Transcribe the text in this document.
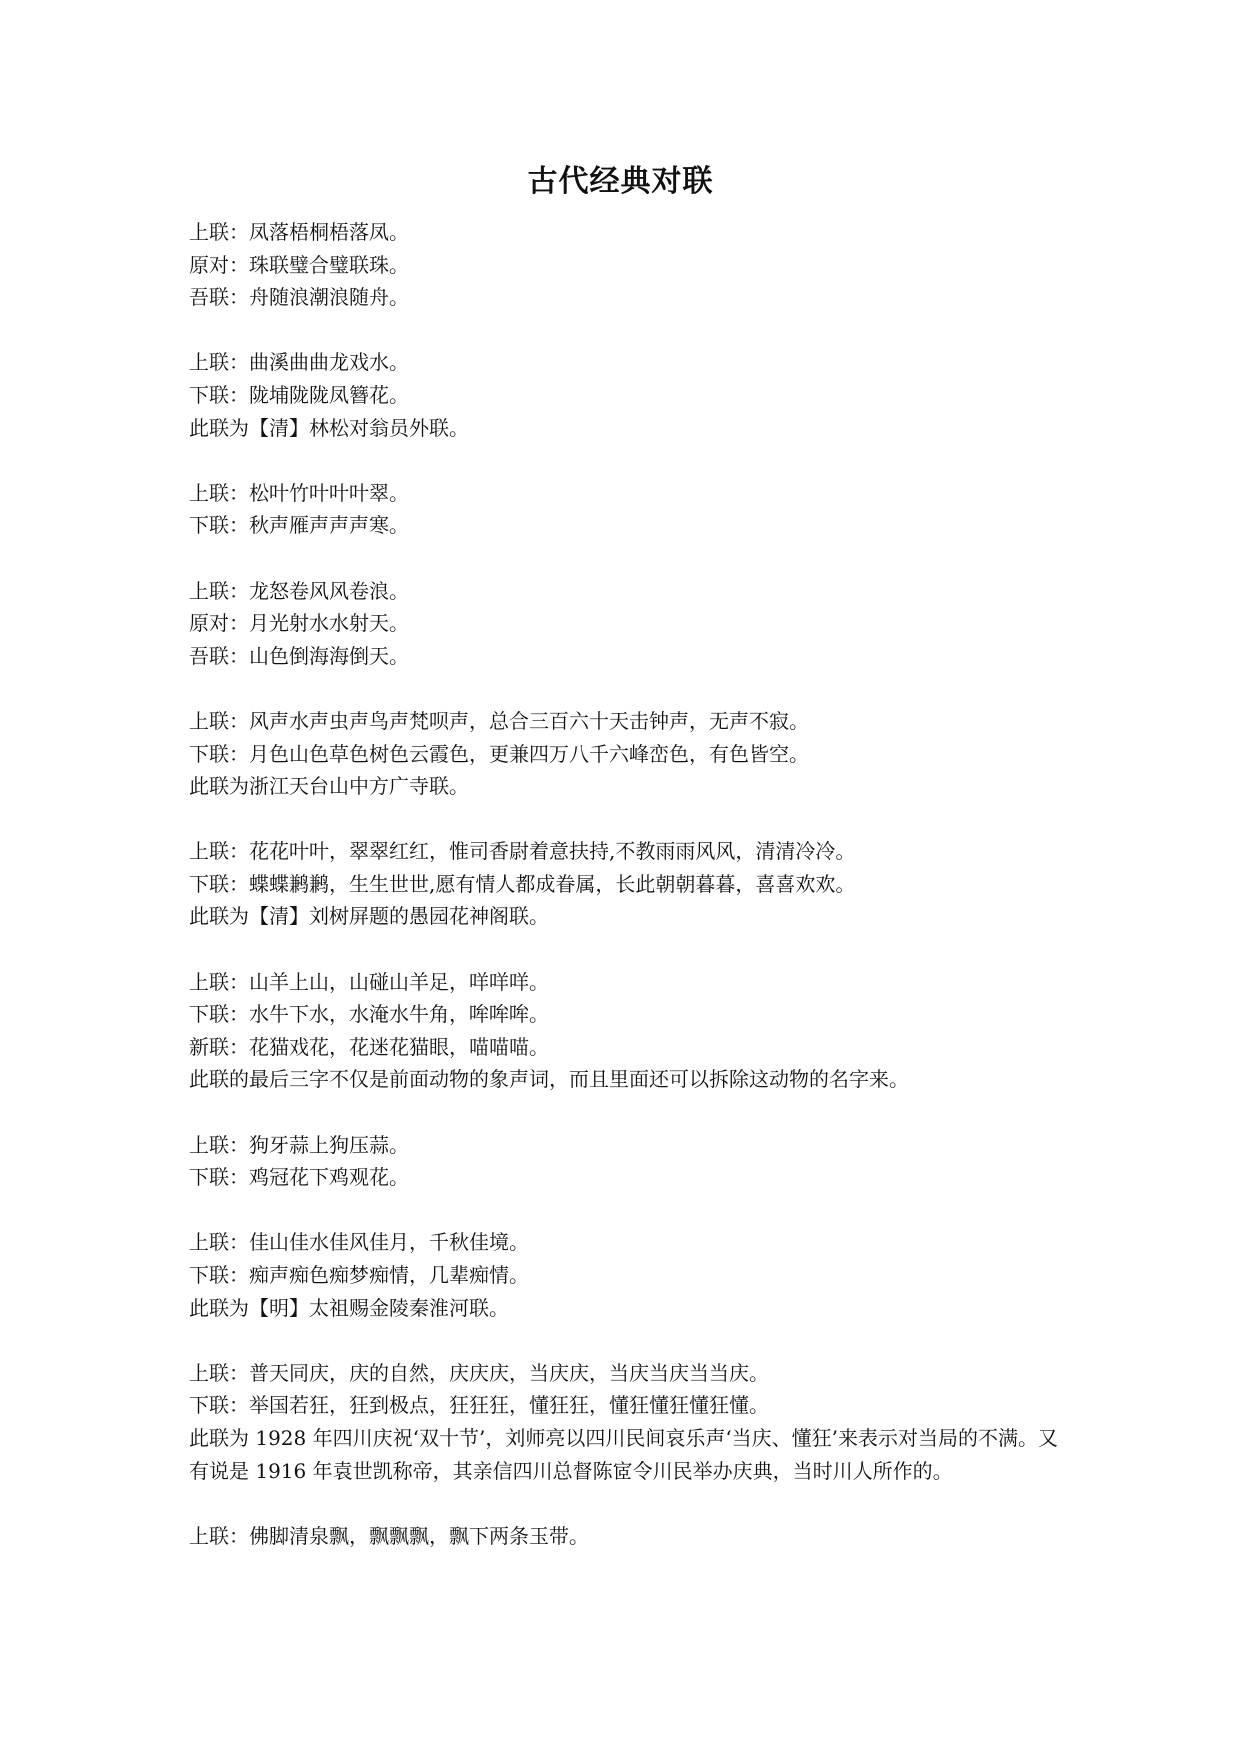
古代经典对联
上联：凤落梧桐梧落凤。
原对：珠联璧合璧联珠。
吾联：舟随浪潮浪随舟。
上联：曲溪曲曲龙戏水。
下联：陇埔陇陇凤簪花。
此联为【清】林松对翁员外联。
上联：松叶竹叶叶叶翠。
下联：秋声雁声声声寒。
上联：龙怒卷风风卷浪。
原对：月光射水水射天。
吾联：山色倒海海倒天。
上联：风声水声虫声鸟声梵呗声，总合三百六十天击钟声，无声不寂。
下联：月色山色草色树色云霞色，更兼四万八千六峰峦色，有色皆空。
此联为浙江天台山中方广寺联。
上联：花花叶叶，翠翠红红，惟司香尉着意扶持,不教雨雨风风，清清冷冷。
下联：蝶蝶鹣鹣，生生世世,愿有情人都成眷属，长此朝朝暮暮，喜喜欢欢。
此联为【清】刘树屏题的愚园花神阁联。
上联：山羊上山，山碰山羊足，咩咩咩。
下联：水牛下水，水淹水牛角，哞哞哞。
新联：花猫戏花，花迷花猫眼，喵喵喵。
此联的最后三字不仅是前面动物的象声词，而且里面还可以拆除这动物的名字来。
上联：狗牙蒜上狗压蒜。
下联：鸡冠花下鸡观花。
上联：佳山佳水佳风佳月，千秋佳境。
下联：痴声痴色痴梦痴情，几辈痴情。
此联为【明】太祖赐金陵秦淮河联。
上联：普天同庆，庆的自然，庆庆庆，当庆庆，当庆当庆当当庆。
下联：举国若狂，狂到极点，狂狂狂，懂狂狂，懂狂懂狂懂狂懂。
此联为 1928 年四川庆祝‘双十节’，刘师亮以四川民间哀乐声‘当庆、懂狂’来表示对当局的不满。又有说是 1916 年袁世凯称帝，其亲信四川总督陈宧令川民举办庆典，当时川人所作的。
上联：佛脚清泉飘，飘飘飘，飘下两条玉带。
